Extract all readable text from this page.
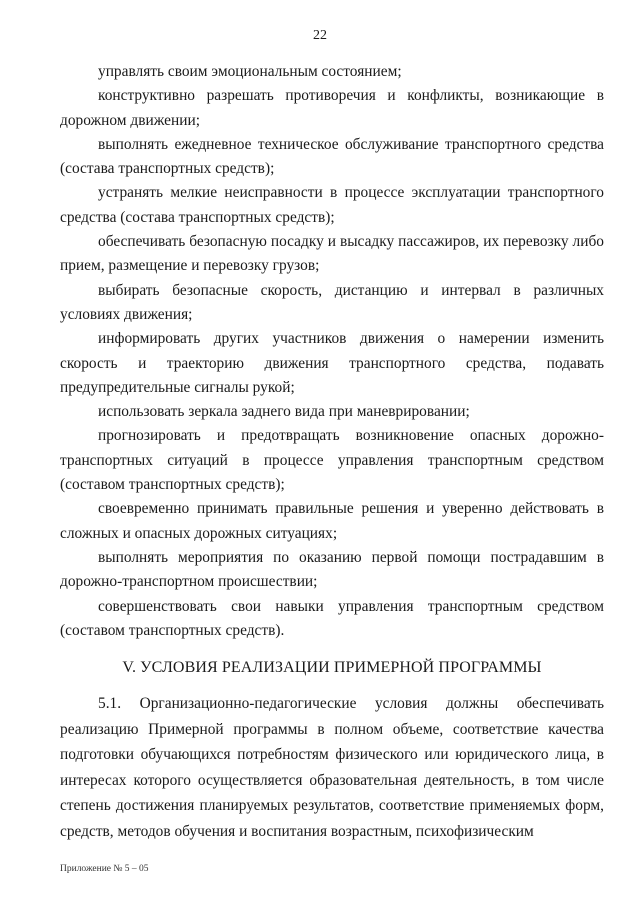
22

управлять своим эмоциональным состоянием;

конструктивно разрешать противоречия и конфликты, возникающие в дорожном движении;

выполнять ежедневное техническое обслуживание транспортного средства (состава транспортных средств);

устранять мелкие неисправности в процессе эксплуатации транспортного средства (состава транспортных средств);

обеспечивать безопасную посадку и высадку пассажиров, их перевозку либо прием, размещение и перевозку грузов;

выбирать безопасные скорость, дистанцию и интервал в различных условиях движения;

информировать других участников движения о намерении изменить скорость и траекторию движения транспортного средства, подавать предупредительные сигналы рукой;

использовать зеркала заднего вида при маневрировании;

прогнозировать и предотвращать возникновение опасных дорожно-транспортных ситуаций в процессе управления транспортным средством (составом транспортных средств);

своевременно принимать правильные решения и уверенно действовать в сложных и опасных дорожных ситуациях;

выполнять мероприятия по оказанию первой помощи пострадавшим в дорожно-транспортном происшествии;

совершенствовать свои навыки управления транспортным средством (составом транспортных средств).

V. УСЛОВИЯ РЕАЛИЗАЦИИ ПРИМЕРНОЙ ПРОГРАММЫ

5.1. Организационно-педагогические условия должны обеспечивать реализацию Примерной программы в полном объеме, соответствие качества подготовки обучающихся потребностям физического или юридического лица, в интересах которого осуществляется образовательная деятельность, в том числе степень достижения планируемых результатов, соответствие применяемых форм, средств, методов обучения и воспитания возрастным, психофизическим

Приложение № 5 – 05
